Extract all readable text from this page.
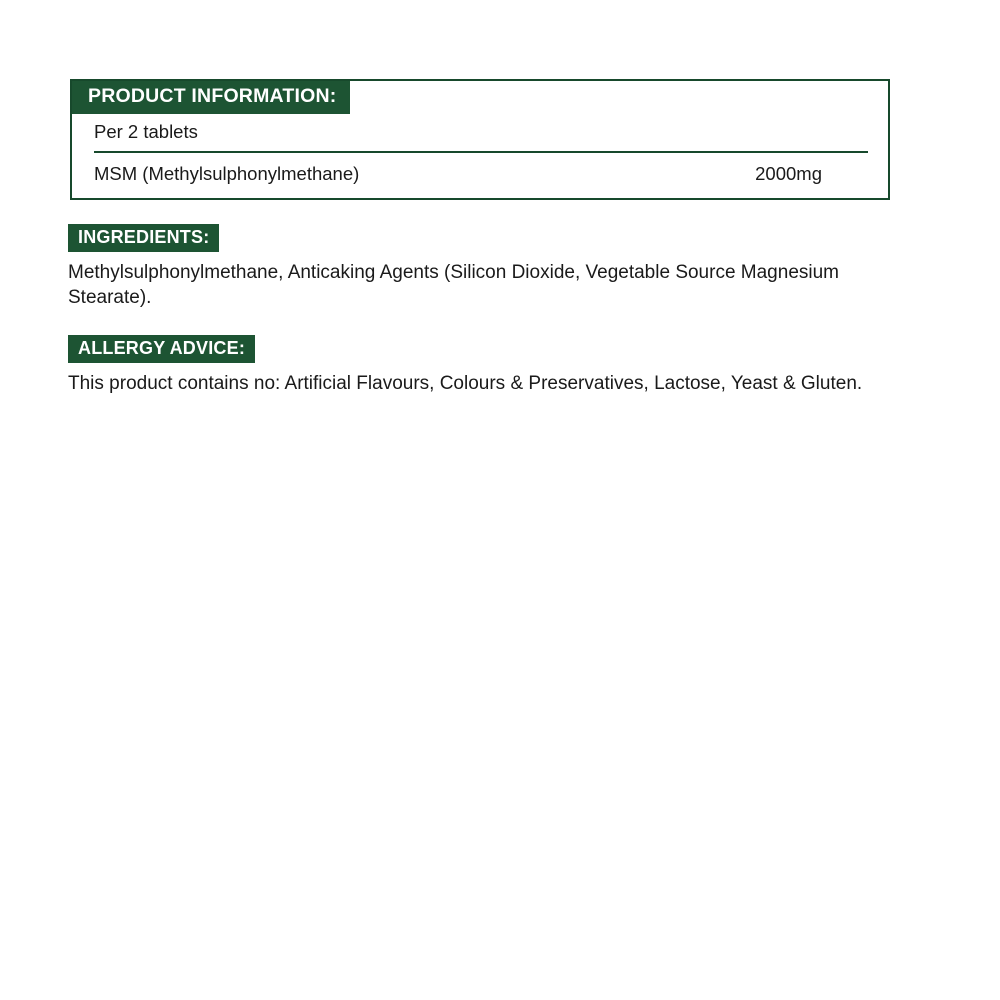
PRODUCT INFORMATION:
Per 2 tablets
MSM (Methylsulphonylmethane)	2000mg
INGREDIENTS:
Methylsulphonylmethane, Anticaking Agents (Silicon Dioxide, Vegetable Source Magnesium Stearate).
ALLERGY ADVICE:
This product contains no: Artificial Flavours, Colours & Preservatives, Lactose, Yeast & Gluten.
